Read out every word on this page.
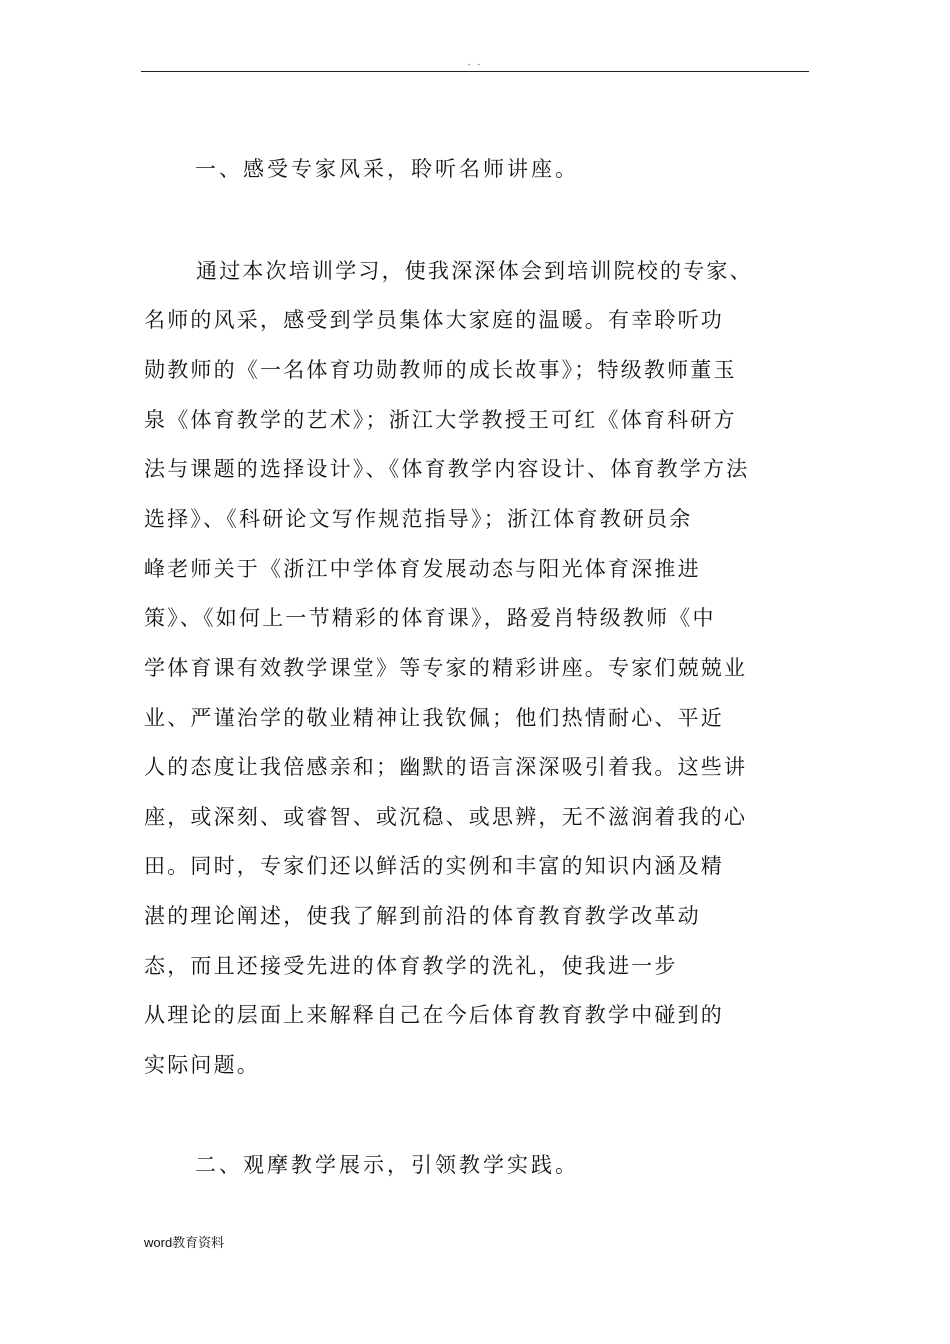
. .
一、感受专家风采，聆听名师讲座。
通过本次培训学习，使我深深体会到培训院校的专家、
名师的风采，感受到学员集体大家庭的温暖。有幸聆听功
勋教师的《一名体育功勋教师的成长故事》；特级教师董玉
泉《体育教学的艺术》；浙江大学教授王可红《体育科研方
法与课题的选择设计》、《体育教学内容设计、体育教学方法
选择》、《科研论文写作规范指导》；浙江体育教研员余
峰老师关于《浙江中学体育发展动态与阳光体育深推进
策》、《如何上一节精彩的体育课》，路爱肖特级教师《中
学体育课有效教学课堂》等专家的精彩讲座。专家们兢兢业
业、严谨治学的敬业精神让我钦佩；他们热情耐心、平近
人的态度让我倍感亲和；幽默的语言深深吸引着我。这些讲
座，或深刻、或睿智、或沉稳、或思辨，无不滋润着我的心
田。同时，专家们还以鲜活的实例和丰富的知识内涵及精
湛的理论阐述，使我了解到前沿的体育教育教学改革动
态，而且还接受先进的体育教学的洗礼，使我进一步
从理论的层面上来解释自己在今后体育教育教学中碰到的
实际问题。
二、观摩教学展示，引领教学实践。
word教育资料
